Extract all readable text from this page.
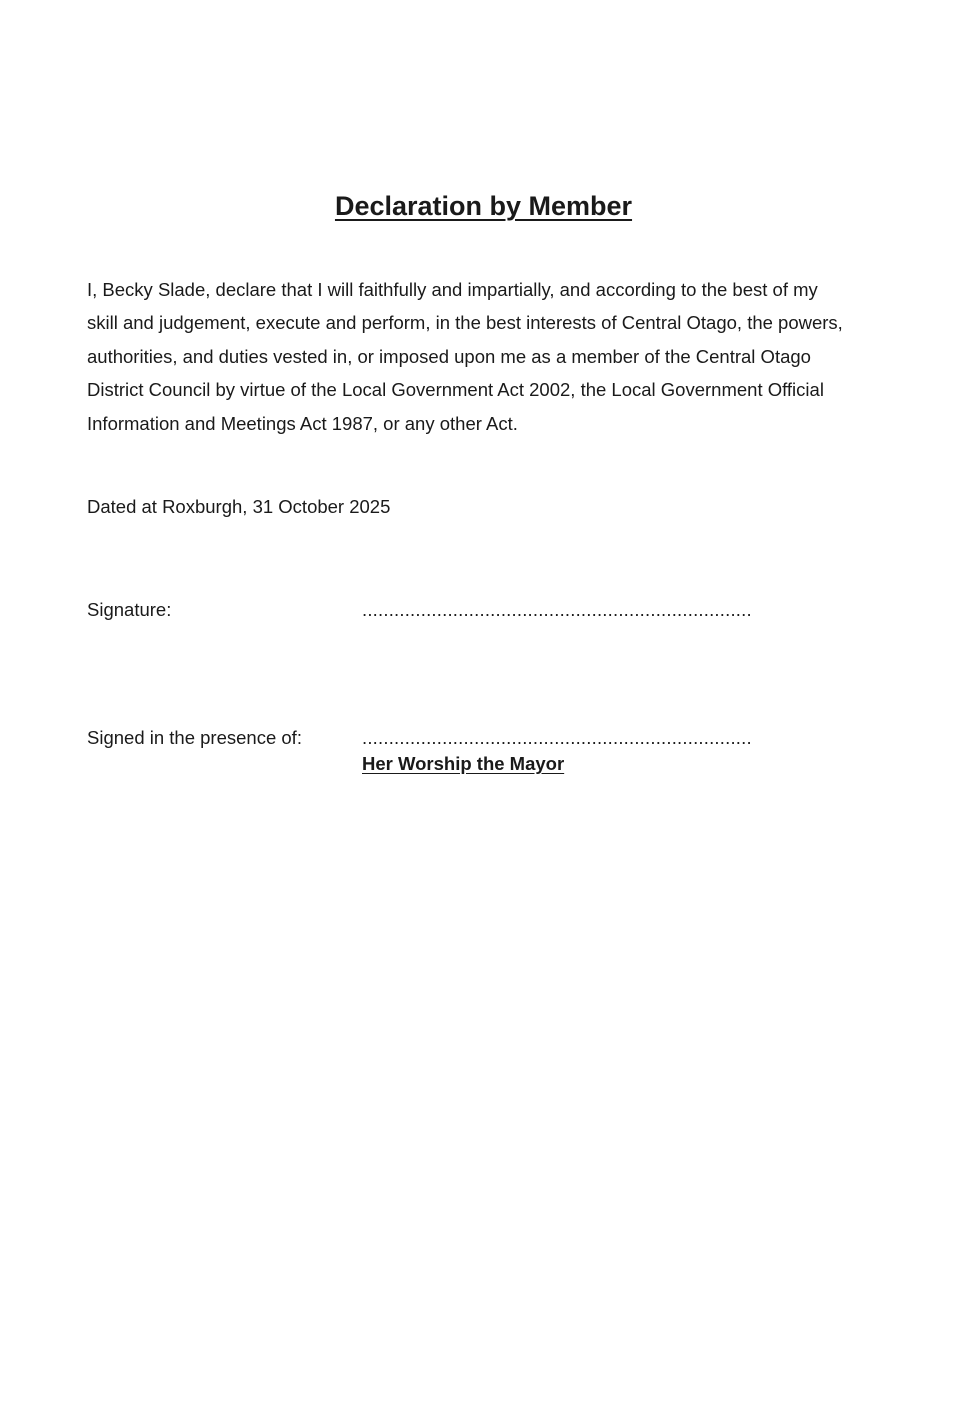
Declaration by Member

I, Becky Slade, declare that I will faithfully and impartially, and according to the best of my
skill and judgement, execute and perform, in the best interests of Central Otago, the powers,
authorities, and duties vested in, or imposed upon me as a member of the Central Otago
District Council by virtue of the Local Government Act 2002, the Local Government Official
Information and Meetings Act 1987, or any other Act.

Dated at Roxburgh, 31 October 2025

Signature:	.........................................................................
Signed in the presence of:	.........................................................................
Her Worship the Mayor
